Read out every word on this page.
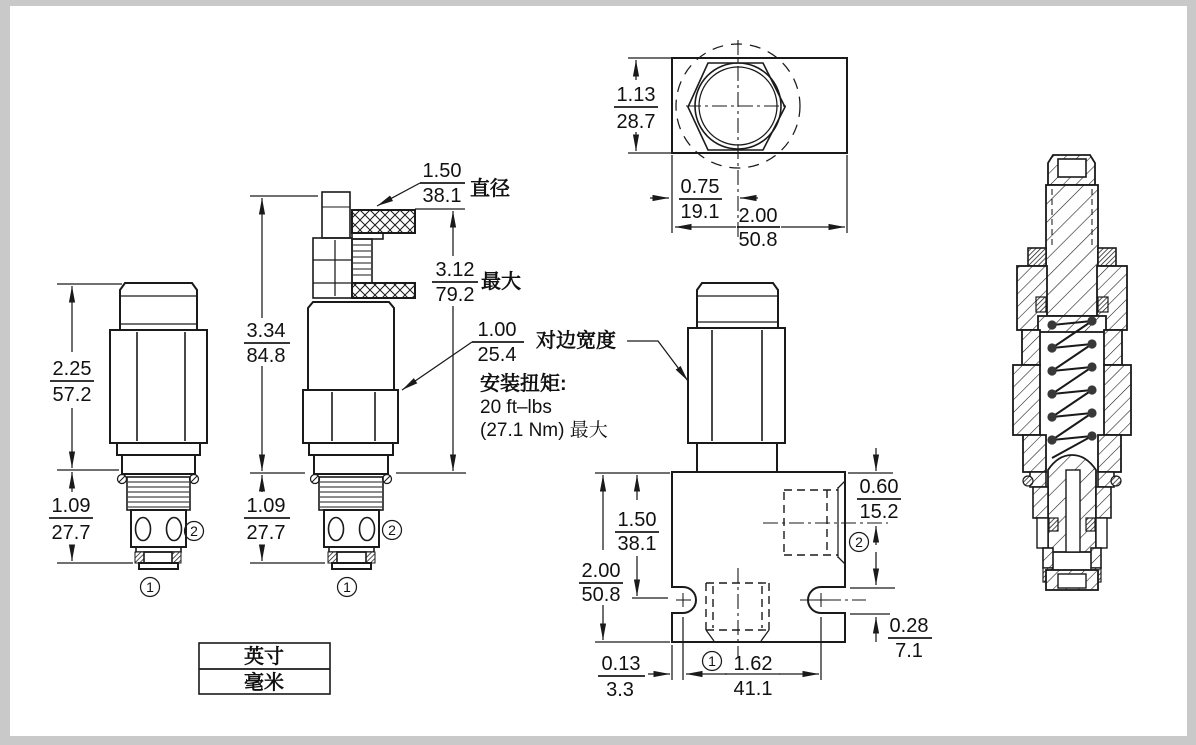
2.25
57.2
1.09
27.7	2
1
3.34
84.8
1.09
27.7
1.50
38.1 直径
3.12
79.2
最大
1.00
25.4
对边宽度
安装扭矩:
20 ft–lbs
(27.1 Nm) 最大
2
1
1.13
28.7
0.75
19.1 2.00
50.8
1.50
38.1
2.00
50.8
0.60
15.2
0.28
7.1
0.13
3.3
1.62
41.1
2
1
英寸
毫米
